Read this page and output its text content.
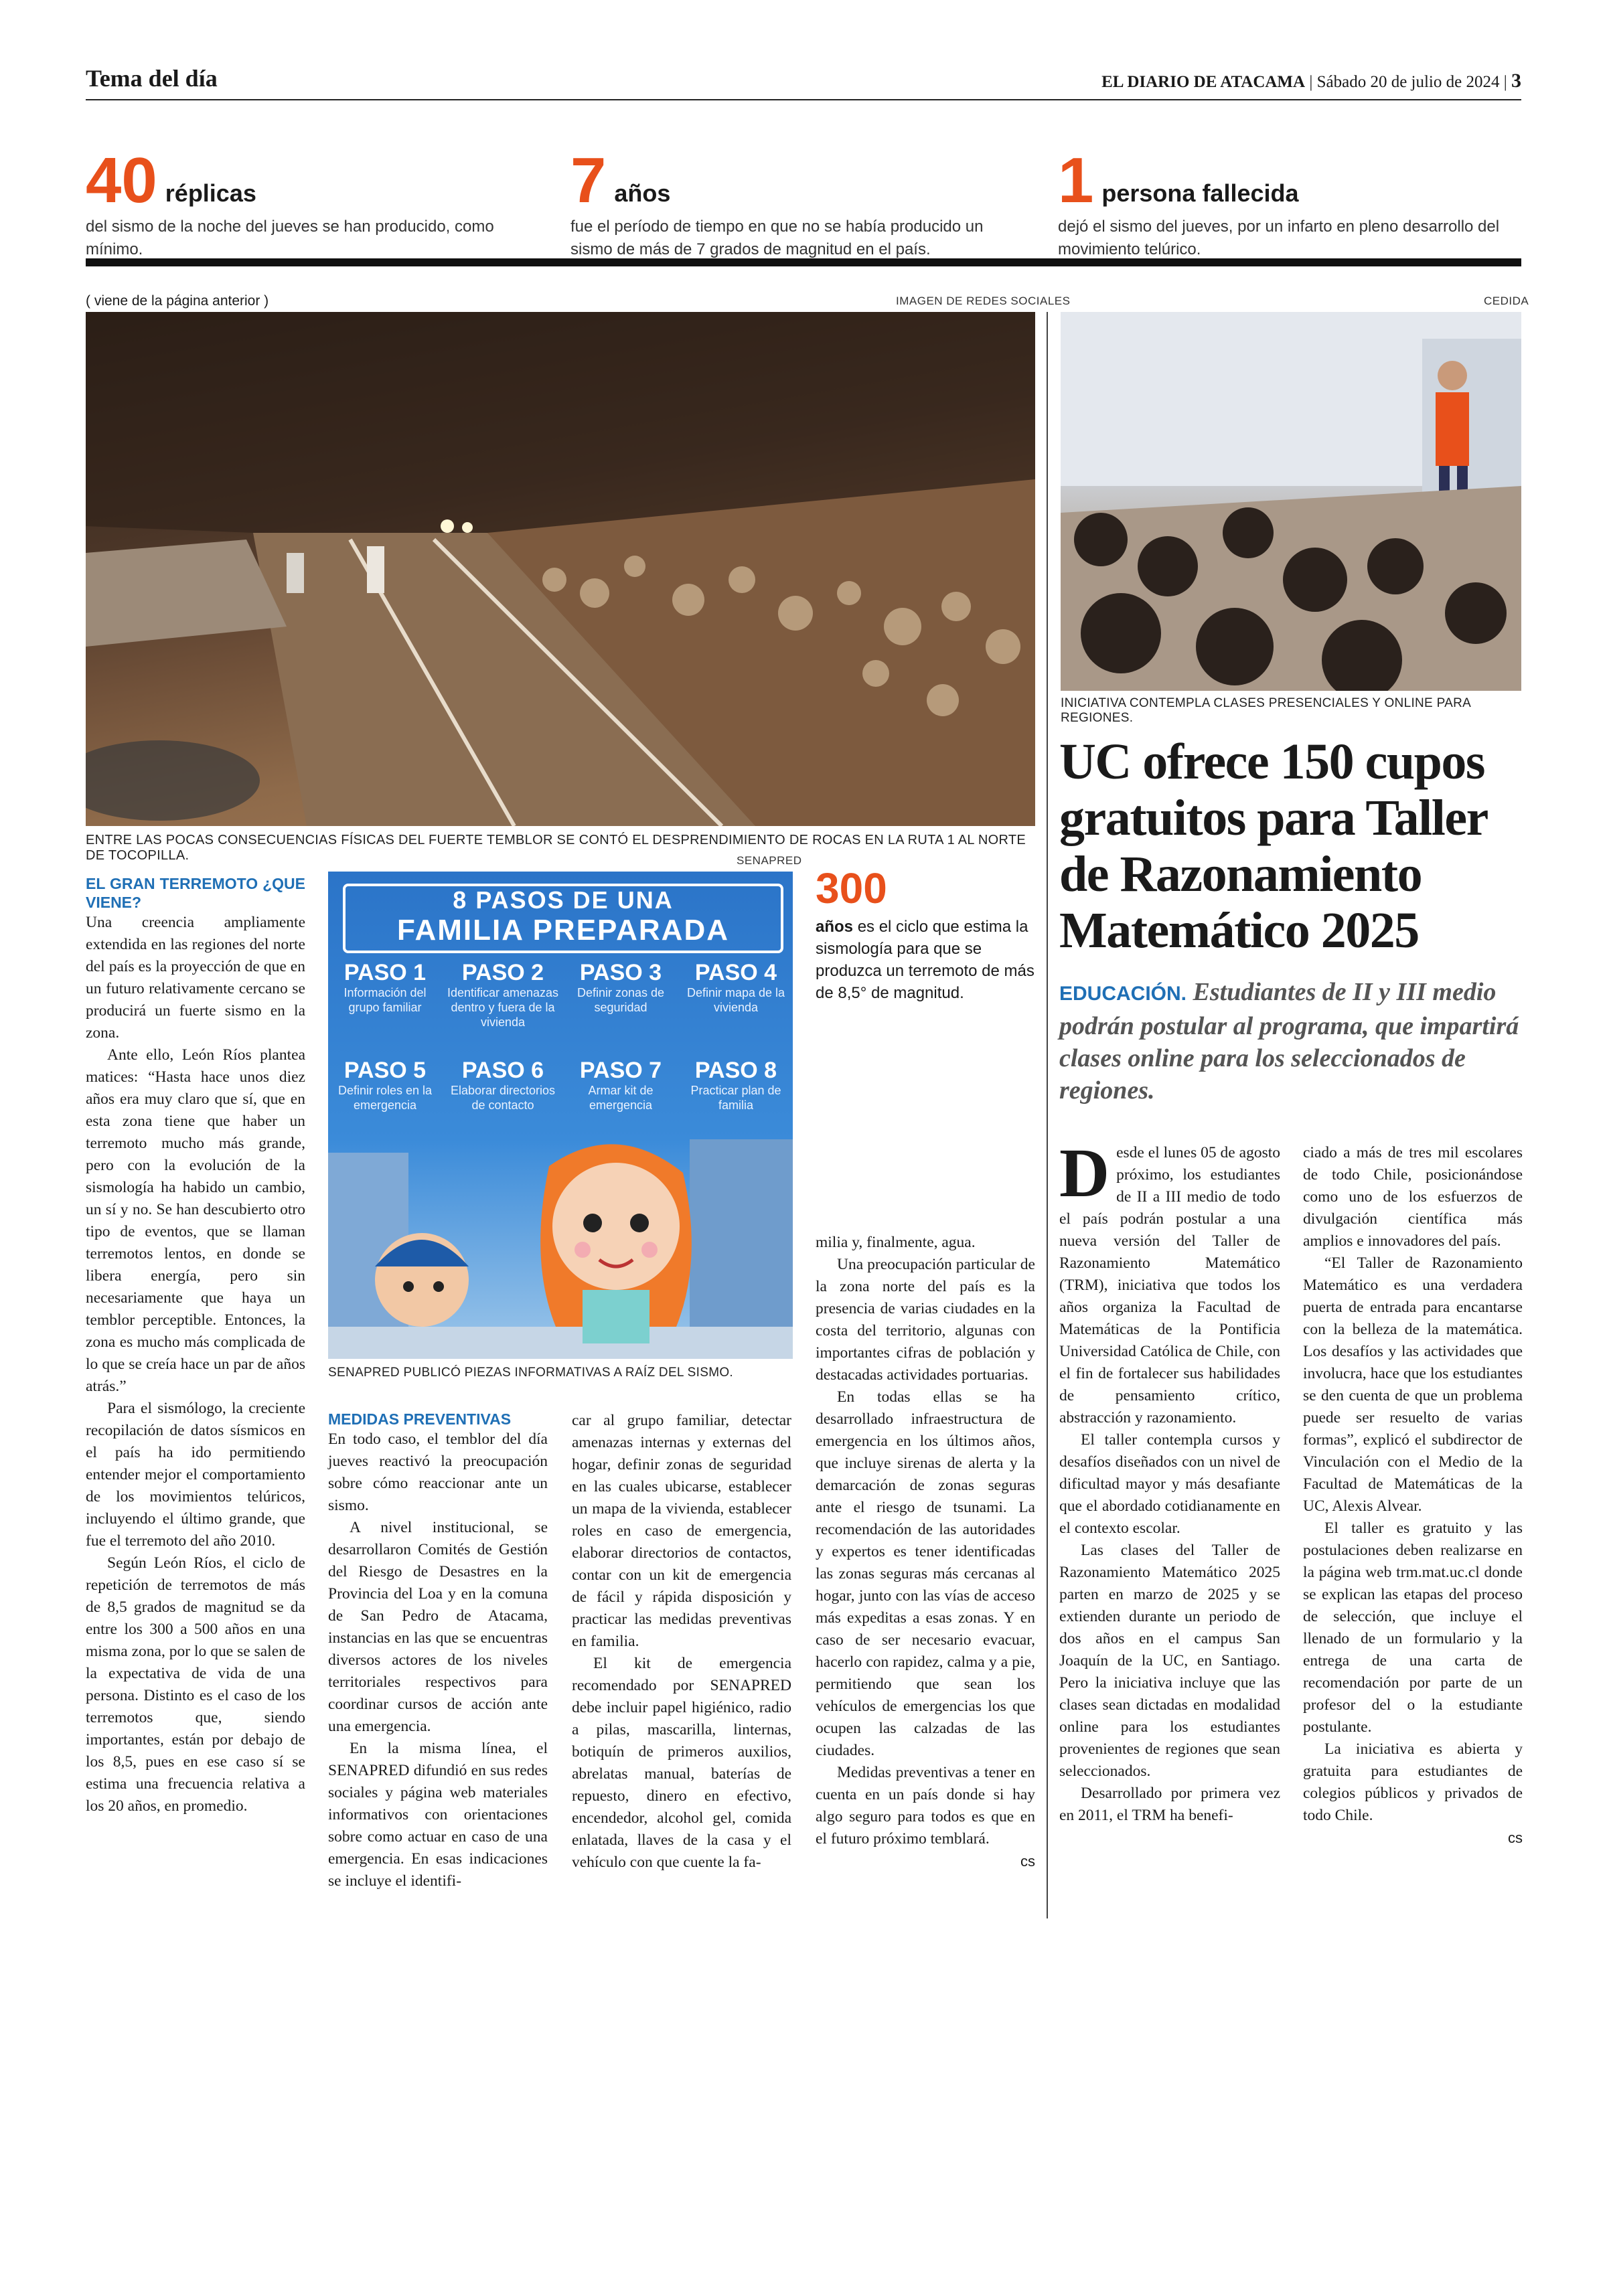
Tema del día	EL DIARIO DE ATACAMA | Sábado 20 de julio de 2024 | 3
40 réplicas
del sismo de la noche del jueves se han producido, como mínimo.
7 años
fue el período de tiempo en que no se había producido un sismo de más de 7 grados de magnitud en el país.
1 persona fallecida
dejó el sismo del jueves, por un infarto en pleno desarrollo del movimiento telúrico.
( viene de la página anterior )	IMAGEN DE REDES SOCIALES	CEDIDA
ENTRE LAS POCAS CONSECUENCIAS FÍSICAS DEL FUERTE TEMBLOR SE CONTÓ EL DESPRENDIMIENTO DE ROCAS EN LA RUTA 1 AL NORTE DE TOCOPILLA.
INICIATIVA CONTEMPLA CLASES PRESENCIALES Y ONLINE PARA REGIONES.
UC ofrece 150 cupos gratuitos para Taller de Razonamiento Matemático 2025
EDUCACIÓN. Estudiantes de II y III medio podrán postular al programa, que impartirá clases online para los seleccionados de regiones.
EL GRAN TERREMOTO ¿QUE VIENE?

Una creencia ampliamente extendida en las regiones del norte del país es la proyección de que en un futuro relativamente cercano se producirá un fuerte sismo en la zona.

Ante ello, León Ríos plantea matices: “Hasta hace unos diez años era muy claro que sí, que en esta zona tiene que haber un terremoto mucho más grande, pero con la evolución de la sismología ha habido un cambio, un sí y no. Se han descubierto otro tipo de eventos, que se llaman terremotos lentos, en donde se libera energía, pero sin necesariamente que haya un temblor perceptible. Entonces, la zona es mucho más complicada de lo que se creía hace un par de años atrás.”

Para el sismólogo, la creciente recopilación de datos sísmicos en el país ha ido permitiendo entender mejor el comportamiento de los movimientos telúricos, incluyendo el último grande, que fue el terremoto del año 2010.

Según León Ríos, el ciclo de repetición de terremotos de más de 8,5 grados de magnitud se da entre los 300 a 500 años en una misma zona, por lo que se salen de la expectativa de vida de una persona. Distinto es el caso de los terremotos que, siendo importantes, están por debajo de los 8,5, pues en ese caso sí se estima una frecuencia relativa a los 20 años, en promedio.

SENAPRED
8 PASOS DE UNA
FAMILIA PREPARADA
PASO 1
Información del grupo familiar
PASO 2
Identificar amenazas dentro y fuera de la vivienda
PASO 3
Definir zonas de seguridad
PASO 4
Definir mapa de la vivienda
PASO 5
Definir roles en la emergencia
PASO 6
Elaborar directorios de contacto
PASO 7
Armar kit de emergencia
PASO 8
Practicar plan de familia
SENAPRED PUBLICÓ PIEZAS INFORMATIVAS A RAÍZ DEL SISMO.
300
años es el ciclo que estima la sismología para que se produzca un terremoto de más de 8,5° de magnitud.
MEDIDAS PREVENTIVAS

En todo caso, el temblor del día jueves reactivó la preocupación sobre cómo reaccionar ante un sismo.

A nivel institucional, se desarrollaron Comités de Gestión del Riesgo de Desastres en la Provincia del Loa y en la comuna de San Pedro de Atacama, instancias en las que se encuentras diversos actores de los niveles territoriales respectivos para coordinar cursos de acción ante una emergencia.

En la misma línea, el SENAPRED difundió en sus redes sociales y página web materiales informativos con orientaciones sobre como actuar en caso de una emergencia. En esas indicaciones se incluye el identifi-

car al grupo familiar, detectar amenazas internas y externas del hogar, definir zonas de seguridad en las cuales ubicarse, establecer un mapa de la vivienda, establecer roles en caso de emergencia, elaborar directorios de contactos, contar con un kit de emergencia de fácil y rápida disposición y practicar las medidas preventivas en familia.

El kit de emergencia recomendado por SENAPRED debe incluir papel higiénico, radio a pilas, mascarilla, linternas, botiquín de primeros auxilios, abrelatas manual, baterías de repuesto, dinero en efectivo, encendedor, alcohol gel, comida enlatada, llaves de la casa y el vehículo con que cuente la fa-

milia y, finalmente, agua.

Una preocupación particular de la zona norte del país es la presencia de varias ciudades en la costa del territorio, algunas con importantes cifras de población y destacadas actividades portuarias.

En todas ellas se ha desarrollado infraestructura de emergencia en los últimos años, que incluye sirenas de alerta y la demarcación de zonas seguras ante el riesgo de tsunami. La recomendación de las autoridades y expertos es tener identificadas las zonas seguras más cercanas al hogar, junto con las vías de acceso más expeditas a esas zonas. Y en caso de ser necesario evacuar, hacerlo con rapidez, calma y a pie, permitiendo que sean los vehículos de emergencias los que ocupen las calzadas de las ciudades.

Medidas preventivas a tener en cuenta en un país donde si hay algo seguro para todos es que en el futuro próximo temblará.

cs

Desde el lunes 05 de agosto próximo, los estudiantes de II a III medio de todo el país podrán postular a una nueva versión del Taller de Razonamiento Matemático (TRM), iniciativa que todos los años organiza la Facultad de Matemáticas de la Pontificia Universidad Católica de Chile, con el fin de fortalecer sus habilidades de pensamiento crítico, abstracción y razonamiento.

El taller contempla cursos y desafíos diseñados con un nivel de dificultad mayor y más desafiante que el abordado cotidianamente en el contexto escolar.

Las clases del Taller de Razonamiento Matemático 2025 parten en marzo de 2025 y se extienden durante un periodo de dos años en el campus San Joaquín de la UC, en Santiago. Pero la iniciativa incluye que las clases sean dictadas en modalidad online para los estudiantes provenientes de regiones que sean seleccionados.

Desarrollado por primera vez en 2011, el TRM ha benefi-

ciado a más de tres mil escolares de todo Chile, posicionándose como uno de los esfuerzos de divulgación científica más amplios e innovadores del país.

“El Taller de Razonamiento Matemático es una verdadera puerta de entrada para encantarse con la belleza de la matemática. Los desafíos y las actividades que involucra, hace que los estudiantes se den cuenta de que un problema puede ser resuelto de varias formas”, explicó el subdirector de Vinculación con el Medio de la Facultad de Matemáticas de la UC, Alexis Alvear.

El taller es gratuito y las postulaciones deben realizarse en la página web trm.mat.uc.cl donde se explican las etapas del proceso de selección, que incluye el llenado de un formulario y la entrega de una carta de recomendación por parte de un profesor del o la estudiante postulante.

La iniciativa es abierta y gratuita para estudiantes de colegios públicos y privados de todo Chile.

cs
